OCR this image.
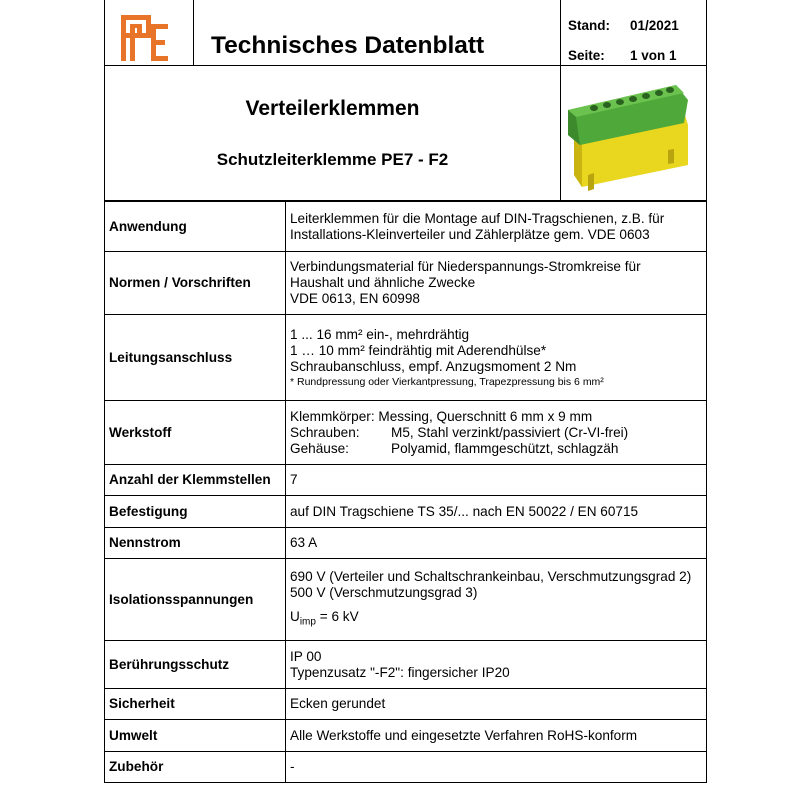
Technisches Datenblatt
Stand: 01/2021
Seite: 1 von 1
Verteilerklemmen
Schutzleiterklemme PE7 - F2
Anwendung	Leiterklemmen für die Montage auf DIN-Tragschienen, z.B. für
Installations-Kleinverteiler und Zählerplätze gem. VDE 0603

Normen / Vorschriften	Verbindungsmaterial für Niederspannungs-Stromkreise für
Haushalt und ähnliche Zwecke
VDE 0613, EN 60998

Leitungsanschluss	1 ... 16 mm² ein-, mehrdrähtig
1 … 10 mm² feindrähtig mit Aderendhülse*
Schraubanschluss, empf. Anzugsmoment 2 Nm
* Rundpressung oder Vierkantpressung, Trapezpressung bis 6 mm²

Werkstoff	Klemmkörper: Messing, Querschnitt 6 mm x 9 mm
Schrauben: M5, Stahl verzinkt/passiviert (Cr-VI-frei)
Gehäuse: Polyamid, flammgeschützt, schlagzäh

Anzahl der Klemmstellen	7
Befestigung	auf DIN Tragschiene TS 35/... nach EN 50022 / EN 60715
Nennstrom	63 A
Isolationsspannungen	690 V (Verteiler und Schaltschrankeinbau, Verschmutzungsgrad 2)
500 V (Verschmutzungsgrad 3)
$U_{imp} = 6$ kV

Berührungsschutz	IP 00
Typenzusatz "-F2": fingersicher IP20

Sicherheit	Ecken gerundet
Umwelt	Alle Werkstoffe und eingesetzte Verfahren RoHS-konform
Zubehör	-
